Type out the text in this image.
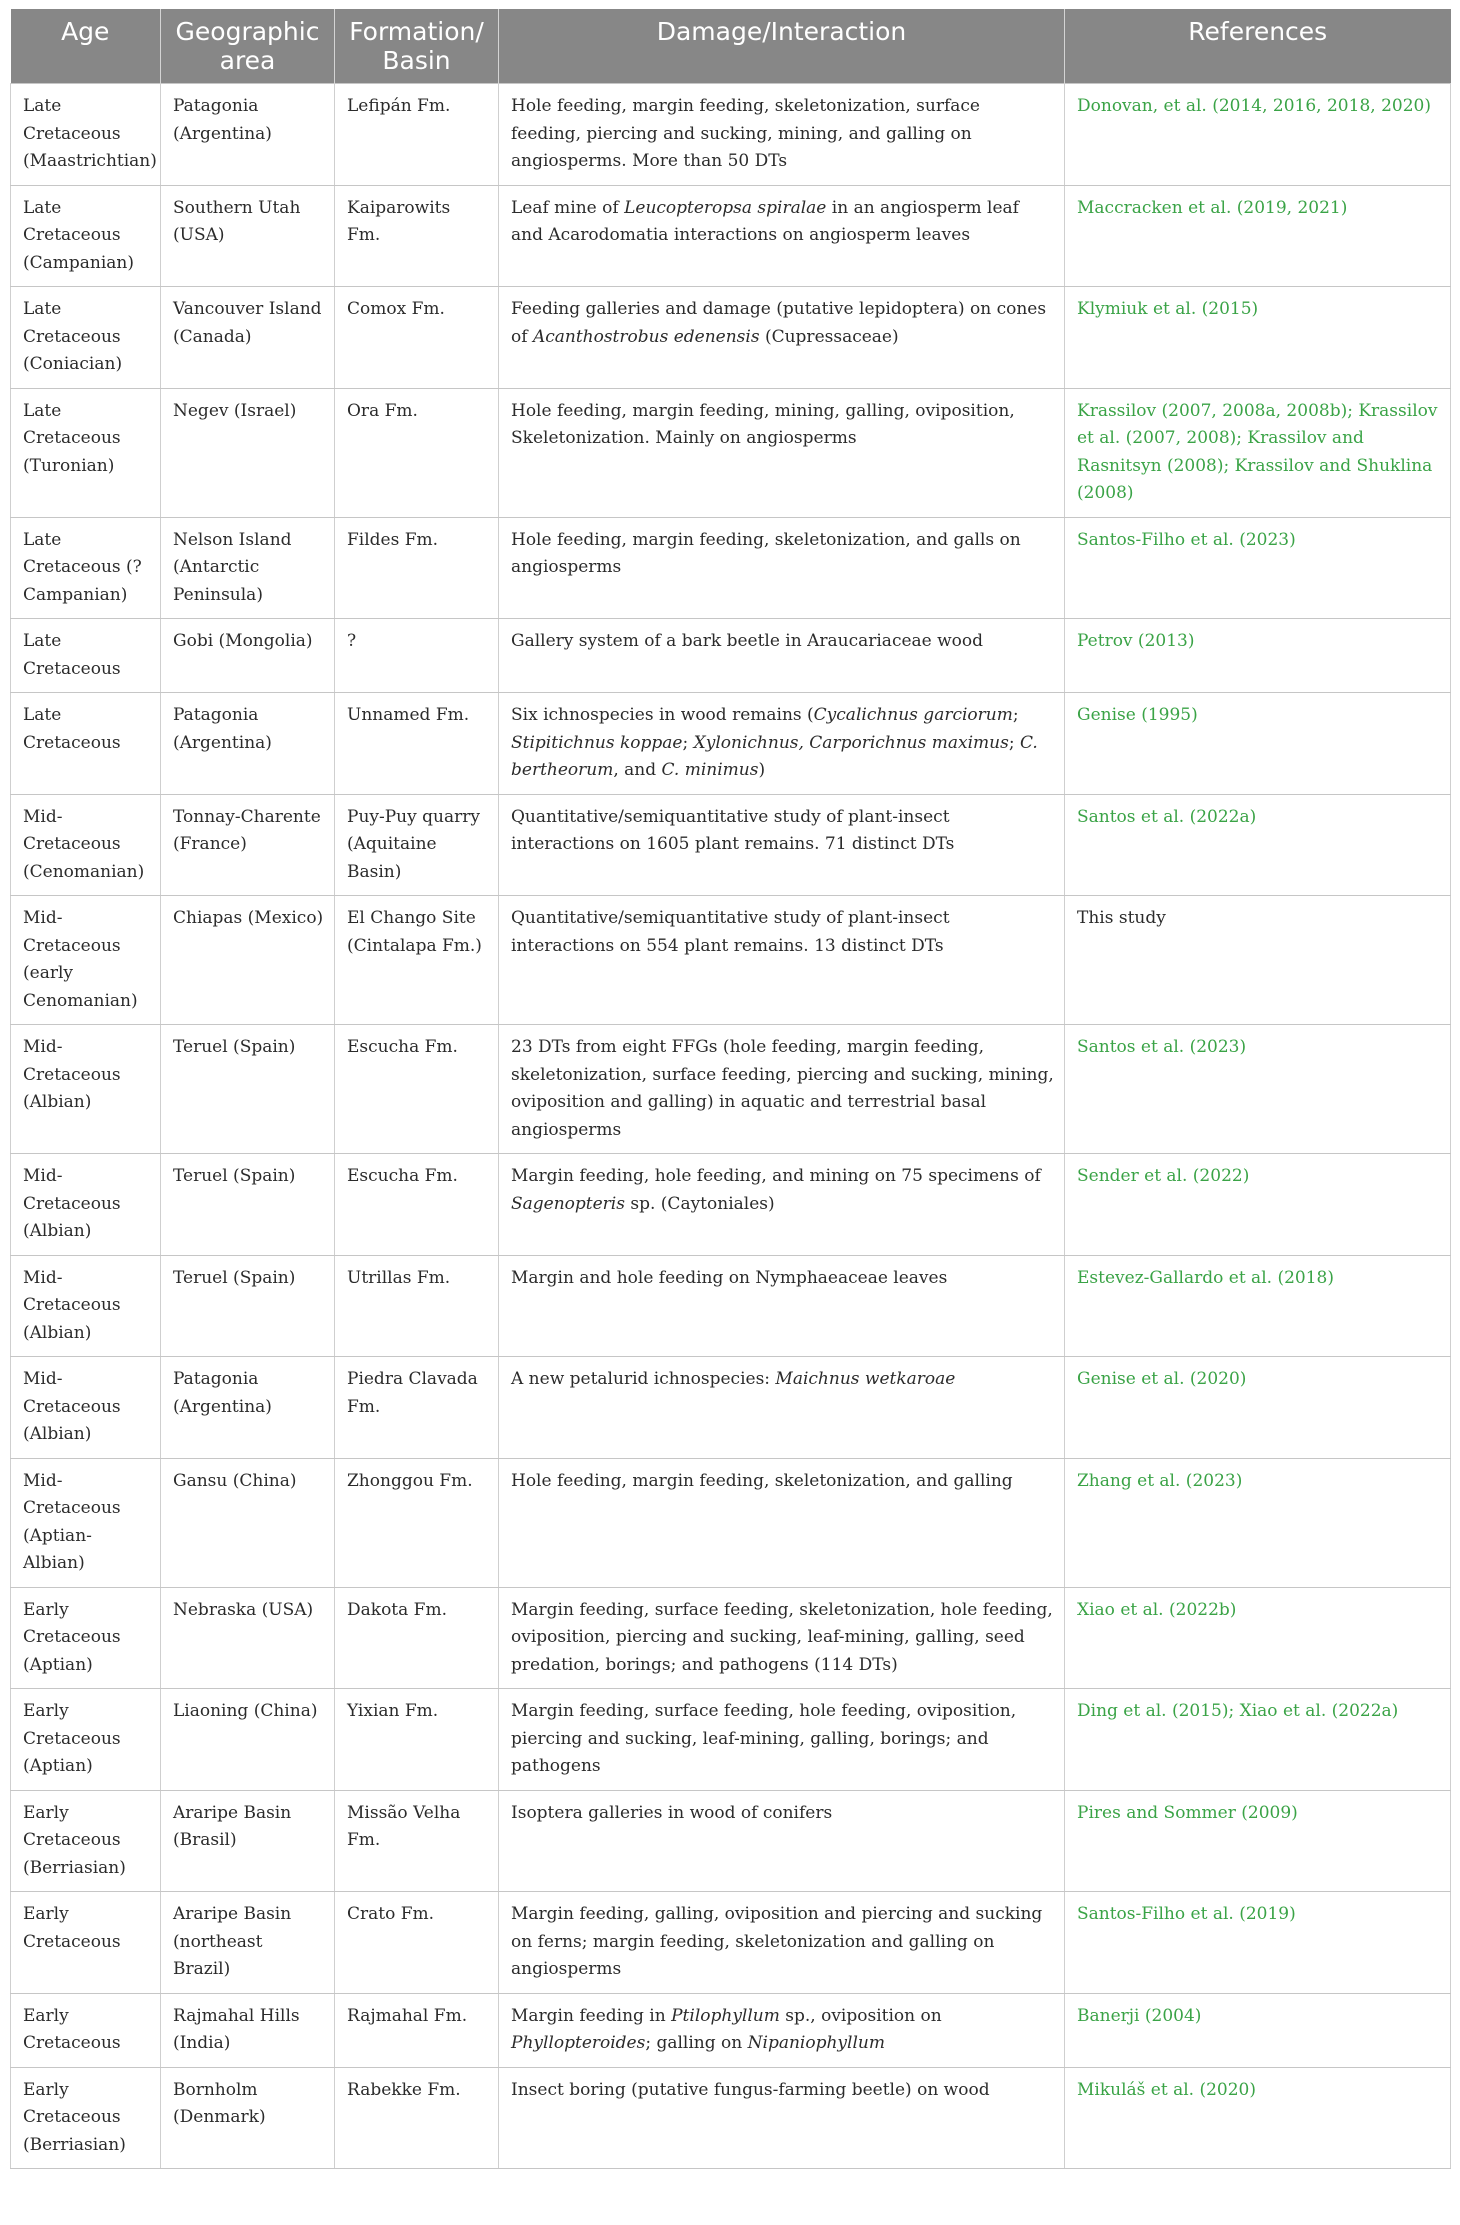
Age	Geographic area	Formation/ Basin	Damage/Interaction	References
Late Cretaceous (Maastrichtian)	Patagonia (Argentina)	Lefipán Fm.	Hole feeding, margin feeding, skeletonization, surface feeding, piercing and sucking, mining, and galling on angiosperms. More than 50 DTs	Donovan, et al. (2014, 2016, 2018, 2020)
Late Cretaceous (Campanian)	Southern Utah (USA)	Kaiparowits Fm.	Leaf mine of Leucopteropsa spiralae in an angiosperm leaf and Acarodomatia interactions on angiosperm leaves	Maccracken et al. (2019, 2021)
Late Cretaceous (Coniacian)	Vancouver Island (Canada)	Comox Fm.	Feeding galleries and damage (putative lepidoptera) on cones of Acanthostrobus edenensis (Cupressaceae)	Klymiuk et al. (2015)
Late Cretaceous (Turonian)	Negev (Israel)	Ora Fm.	Hole feeding, margin feeding, mining, galling, oviposition, Skeletonization. Mainly on angiosperms	Krassilov (2007, 2008a, 2008b); Krassilov et al. (2007, 2008); Krassilov and Rasnitsyn (2008); Krassilov and Shuklina (2008)
Late Cretaceous (?Campanian)	Nelson Island (Antarctic Peninsula)	Fildes Fm.	Hole feeding, margin feeding, skeletonization, and galls on angiosperms	Santos-Filho et al. (2023)
Late Cretaceous	Gobi (Mongolia)	?	Gallery system of a bark beetle in Araucariaceae wood	Petrov (2013)
Late Cretaceous	Patagonia (Argentina)	Unnamed Fm.	Six ichnospecies in wood remains (Cycalichnus garciorum; Stipitichnus koppae; Xylonichnus, Carporichnus maximus; C. bertheorum, and C. minimus)	Genise (1995)
Mid-Cretaceous (Cenomanian)	Tonnay-Charente (France)	Puy-Puy quarry (Aquitaine Basin)	Quantitative/semiquantitative study of plant-insect interactions on 1605 plant remains. 71 distinct DTs	Santos et al. (2022a)
Mid-Cretaceous (early Cenomanian)	Chiapas (Mexico)	El Chango Site (Cintalapa Fm.)	Quantitative/semiquantitative study of plant-insect interactions on 554 plant remains. 13 distinct DTs	This study
Mid-Cretaceous (Albian)	Teruel (Spain)	Escucha Fm.	23 DTs from eight FFGs (hole feeding, margin feeding, skeletonization, surface feeding, piercing and sucking, mining, oviposition and galling) in aquatic and terrestrial basal angiosperms	Santos et al. (2023)
Mid-Cretaceous (Albian)	Teruel (Spain)	Escucha Fm.	Margin feeding, hole feeding, and mining on 75 specimens of Sagenopteris sp. (Caytoniales)	Sender et al. (2022)
Mid-Cretaceous (Albian)	Teruel (Spain)	Utrillas Fm.	Margin and hole feeding on Nymphaeaceae leaves	Estevez-Gallardo et al. (2018)
Mid-Cretaceous (Albian)	Patagonia (Argentina)	Piedra Clavada Fm.	A new petalurid ichnospecies: Maichnus wetkaroae	Genise et al. (2020)
Mid-Cretaceous (Aptian-Albian)	Gansu (China)	Zhonggou Fm.	Hole feeding, margin feeding, skeletonization, and galling	Zhang et al. (2023)
Early Cretaceous (Aptian)	Nebraska (USA)	Dakota Fm.	Margin feeding, surface feeding, skeletonization, hole feeding, oviposition, piercing and sucking, leaf-mining, galling, seed predation, borings; and pathogens (114 DTs)	Xiao et al. (2022b)
Early Cretaceous (Aptian)	Liaoning (China)	Yixian Fm.	Margin feeding, surface feeding, hole feeding, oviposition, piercing and sucking, leaf-mining, galling, borings; and pathogens	Ding et al. (2015); Xiao et al. (2022a)
Early Cretaceous (Berriasian)	Araripe Basin (Brasil)	Missão Velha Fm.	Isoptera galleries in wood of conifers	Pires and Sommer (2009)
Early Cretaceous	Araripe Basin (northeast Brazil)	Crato Fm.	Margin feeding, galling, oviposition and piercing and sucking on ferns; margin feeding, skeletonization and galling on angiosperms	Santos-Filho et al. (2019)
Early Cretaceous	Rajmahal Hills (India)	Rajmahal Fm.	Margin feeding in Ptilophyllum sp., oviposition on Phyllopteroides; galling on Nipaniophyllum	Banerji (2004)
Early Cretaceous (Berriasian)	Bornholm (Denmark)	Rabekke Fm.	Insect boring (putative fungus-farming beetle) on wood	Mikuláš et al. (2020)
